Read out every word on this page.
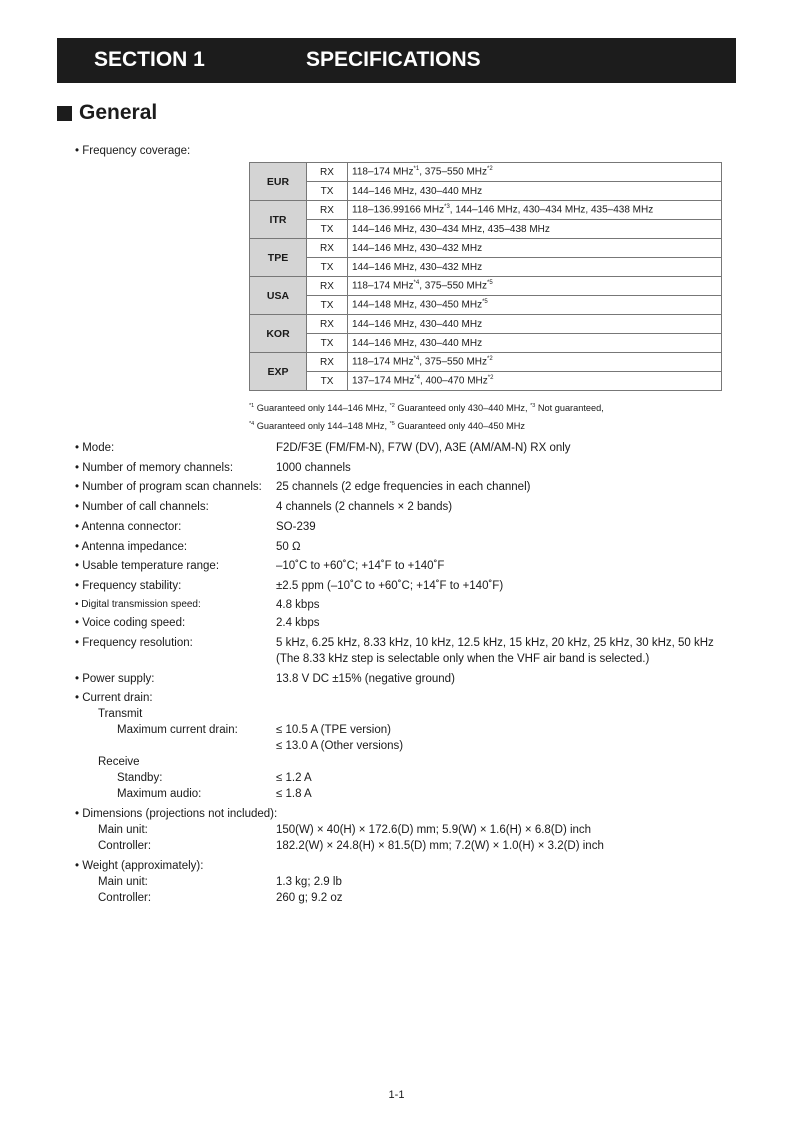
SECTION 1	SPECIFICATIONS
General
• Frequency coverage:
EUR	RX	118–174 MHz$^{*1}$, 375–550 MHz$^{*2}$
	TX	144–146 MHz, 430–440 MHz
ITR	RX	118–136.99166 MHz$^{*3}$, 144–146 MHz, 430–434 MHz, 435–438 MHz
	TX	144–146 MHz, 430–434 MHz, 435–438 MHz
TPE	RX	144–146 MHz, 430–432 MHz
	TX	144–146 MHz, 430–432 MHz
USA	RX	118–174 MHz$^{*4}$, 375–550 MHz$^{*5}$
	TX	144–148 MHz, 430–450 MHz$^{*5}$
KOR	RX	144–146 MHz, 430–440 MHz
	TX	144–146 MHz, 430–440 MHz
EXP	RX	118–174 MHz$^{*4}$, 375–550 MHz$^{*2}$
	TX	137–174 MHz$^{*4}$, 400–470 MHz$^{*2}$
$^{*1}$ Guaranteed only 144–146 MHz, $^{*2}$ Guaranteed only 430–440 MHz, $^{*3}$ Not guaranteed,
$^{*4}$ Guaranteed only 144–148 MHz, $^{*5}$ Guaranteed only 440–450 MHz
• Mode:	F2D/F3E (FM/FM-N), F7W (DV), A3E (AM/AM-N) RX only
• Number of memory channels:	1000 channels
• Number of program scan channels: 25 channels (2 edge frequencies in each channel)
• Number of call channels:	4 channels (2 channels × 2 bands)
• Antenna connector:	SO-239
• Antenna impedance:	50 Ω
• Usable temperature range:	–10˚C to +60˚C; +14˚F to +140˚F
• Frequency stability:	±2.5 ppm (–10˚C to +60˚C; +14˚F to +140˚F)
• Digital transmission speed:	4.8 kbps
• Voice coding speed:	2.4 kbps
• Frequency resolution:	5 kHz, 6.25 kHz, 8.33 kHz, 10 kHz, 12.5 kHz, 15 kHz, 20 kHz, 25 kHz, 30 kHz, 50 kHz
(The 8.33 kHz step is selectable only when the VHF air band is selected.)
• Power supply:	13.8 V DC ±15% (negative ground)
• Current drain:
Transmit
Maximum current drain:	≤ 10.5 A (TPE version)
≤ 13.0 A (Other versions)
Receive
Standby:	≤ 1.2 A
Maximum audio:	≤ 1.8 A
• Dimensions (projections not included):
Main unit:	150(W) × 40(H) × 172.6(D) mm; 5.9(W) × 1.6(H) × 6.8(D) inch
Controller:	182.2(W) × 24.8(H) × 81.5(D) mm; 7.2(W) × 1.0(H) × 3.2(D) inch
• Weight (approximately):
Main unit:	1.3 kg; 2.9 lb
Controller:	260 g; 9.2 oz
1-1
